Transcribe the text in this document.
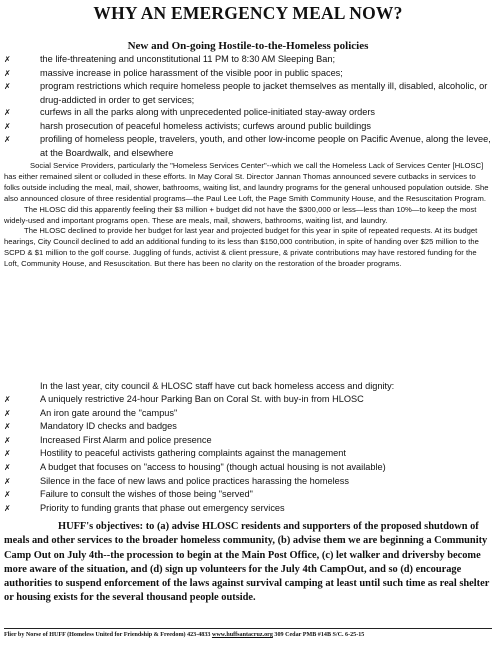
WHY AN EMERGENCY MEAL NOW?
New and On-going Hostile-to-the-Homeless policies

✗	the life-threatening and unconstitutional 11 PM to 8:30 AM Sleeping Ban;

✗	massive increase in police harassment of the visible poor in public spaces;

✗	program restrictions which require homeless people to jacket themselves as mentally ill, disabled, alcoholic, or drug-addicted in order to get services;

✗	curfews in all the parks along with unprecedented police-initiated stay-away orders

✗	harsh prosecution of peaceful homeless activists; curfews around public buildings

✗	profiling of homeless people, travelers, youth, and other low-income people on Pacific Avenue, along the levee, at the Boardwalk, and elsewhere

Social Service Providers, particularly the "Homeless Services Center"--which we call the Homeless Lack of Services Center [HLOSC] has either remained silent or colluded in these efforts. In May Coral St. Director Jannan Thomas announced severe cutbacks in services to folks outside including the meal, mail, shower, bathrooms, waiting list, and laundry programs for the general unhoused population outside. She also announced closure of three residential programs—the Paul Lee Loft, the Page Smith Community House, and the Resuscitation Program.

The HLOSC did this apparently feeling their $3 million + budget did not have the $300,000 or less—less than 10%—to keep the most widely-used and important programs open. These are meals, mail, showers, bathrooms, waiting list, and laundry.

The HLOSC declined to provide her budget for last year and projected budget for this year in spite of repeated requests. At its budget hearings, City Council declined to add an additional funding to its less than $150,000 contribution, in spite of handing over $25 million to the SCPD & $1 million to the golf course. Juggling of funds, activist & client pressure, & private contributions may have restored funding for the Loft, Community House, and Resuscitation. But there has been no clarity on the restoration of the broader programs.

In the last year, city council & HLOSC staff have cut back homeless access and dignity:

✗	A uniquely restrictive 24-hour Parking Ban on Coral St. with buy-in from HLOSC

✗	An iron gate around the "campus"

✗	Mandatory ID checks and badges

✗	Increased First Alarm and police presence

✗	Hostility to peaceful activists gathering complaints against the management

✗	A budget that focuses on "access to housing" (though actual housing is not available)

✗	Silence in the face of new laws and police practices harassing the homeless

✗	Failure to consult the wishes of those being "served"

✗	Priority to funding grants that phase out emergency services

HUFF's objectives: to (a) advise HLOSC residents and supporters of the proposed shutdown of meals and other services to the broader homeless community, (b) advise them we are beginning a Community Camp Out on July 4th--the procession to begin at the Main Post Office, (c) let walker and driversby become more aware of the situation, and (d) sign up volunteers for the July 4th CampOut, and so (d) encourage authorities to suspend enforcement of the laws against survival camping at least until such time as real shelter or housing exists for the several thousand people outside.
Flier by Norse of HUFF (Homeless United for Friendship & Freedom) 423-4833 www.huffsantacruz.org 309 Cedar PMB #14B S/C. 6-25-15
